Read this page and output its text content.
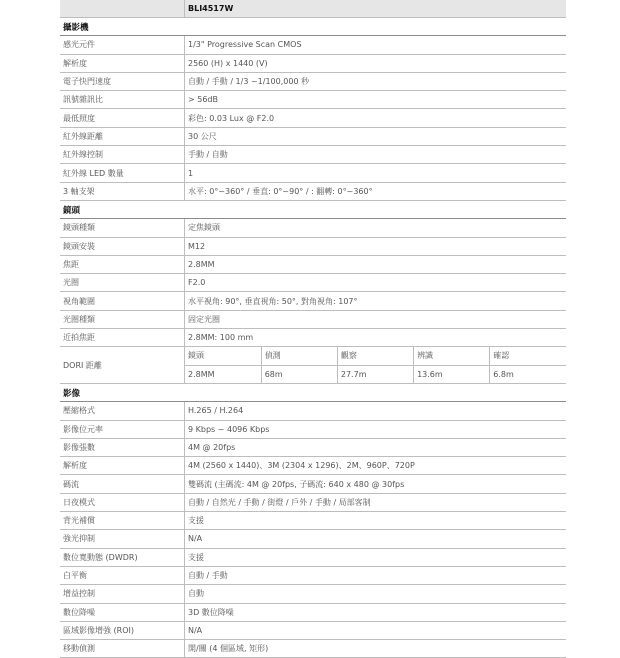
	BLI4517W
攝影機
感光元件	1/3" Progressive Scan CMOS
解析度	2560 (H) x 1440 (V)
電子快門速度	自動 / 手動 / 1/3 ~1/100,000 秒
訊號雜訊比	> 56dB
最低照度	彩色: 0.03 Lux @ F2.0
紅外線距離	30 公尺
紅外線控制	手動 / 自動
紅外線 LED 數量	1
3 軸支架	水平: 0°~360° / 垂直: 0°~90° / : 翻轉: 0°~360°
鏡頭
鏡頭種類	定焦鏡頭
鏡頭安裝	M12
焦距	2.8MM
光圈	F2.0
視角範圍	水平視角: 90°, 垂直視角: 50°, 對角視角: 107°
光圈種類	固定光圈
近拍焦距	2.8MM: 100 mm
DORI 距離	
鏡頭	偵測	觀察	辨識	確認
2.8MM	68m	27.7m	13.6m	6.8m

影像
壓縮格式	H.265 / H.264
影像位元率	9 Kbps ~ 4096 Kbps
影像張數	4M @ 20fps
解析度	4M (2560 x 1440)、3M (2304 x 1296)、2M、960P、720P
碼流	雙碼流 (主碼流: 4M @ 20fps, 子碼流: 640 x 480 @ 30fps
日夜模式	自動 / 自然光 / 手動 / 街燈 / 戶外 / 手動 / 局部客制
背光補償	支援
強光抑制	N/A
數位寬動態 (DWDR)	支援
白平衡	自動 / 手動
增益控制	自動
數位降噪	3D 數位降噪
區域影像增強 (ROI)	N/A
移動偵測	開/關 (4 個區域, 矩形)
